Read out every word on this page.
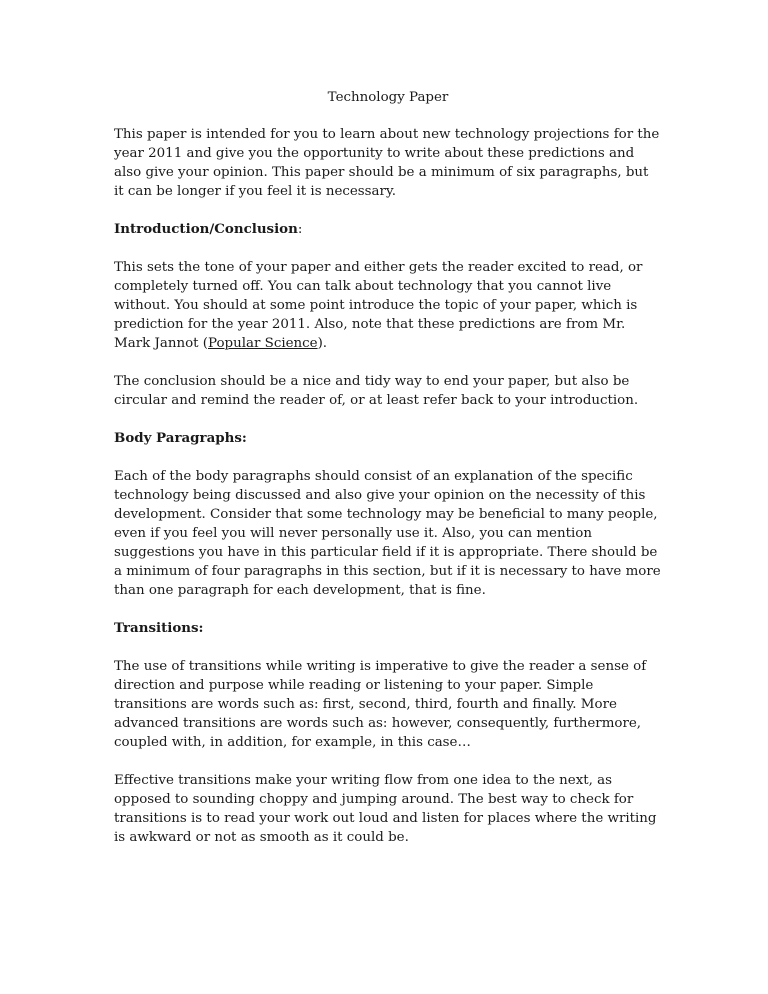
Technology Paper

This paper is intended for you to learn about new technology projections for the year 2011 and give you the opportunity to write about these predictions and also give your opinion. This paper should be a minimum of six paragraphs, but it can be longer if you feel it is necessary.

Introduction/Conclusion:

This sets the tone of your paper and either gets the reader excited to read, or completely turned off. You can talk about technology that you cannot live without. You should at some point introduce the topic of your paper, which is prediction for the year 2011. Also, note that these predictions are from Mr. Mark Jannot (Popular Science).

The conclusion should be a nice and tidy way to end your paper, but also be circular and remind the reader of, or at least refer back to your introduction.

Body Paragraphs:

Each of the body paragraphs should consist of an explanation of the specific technology being discussed and also give your opinion on the necessity of this development. Consider that some technology may be beneficial to many people, even if you feel you will never personally use it. Also, you can mention suggestions you have in this particular field if it is appropriate. There should be a minimum of four paragraphs in this section, but if it is necessary to have more than one paragraph for each development, that is fine.

Transitions:

The use of transitions while writing is imperative to give the reader a sense of direction and purpose while reading or listening to your paper. Simple transitions are words such as: first, second, third, fourth and finally. More advanced transitions are words such as: however, consequently, furthermore, coupled with, in addition, for example, in this case…

Effective transitions make your writing flow from one idea to the next, as opposed to sounding choppy and jumping around. The best way to check for transitions is to read your work out loud and listen for places where the writing is awkward or not as smooth as it could be.
